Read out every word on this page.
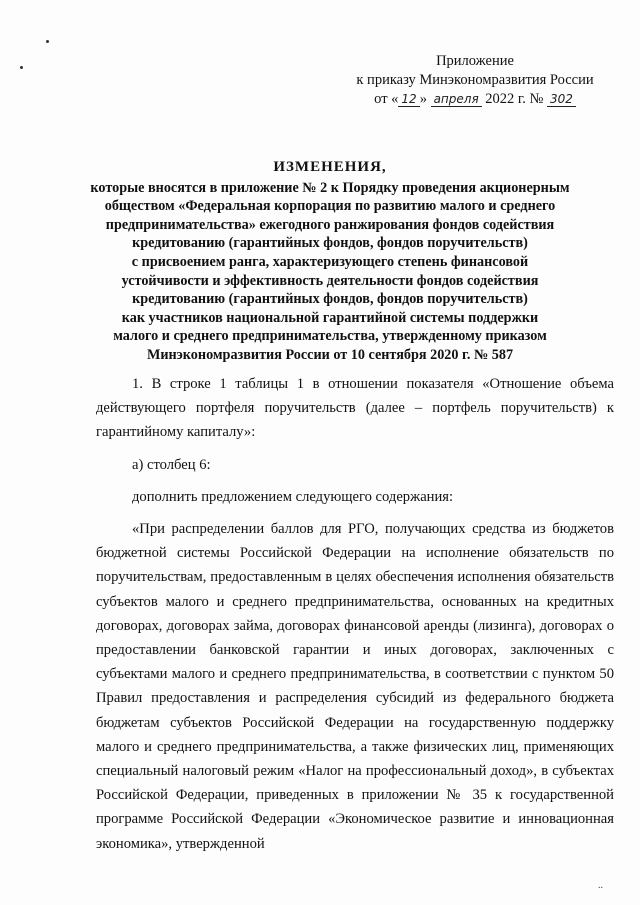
Приложение
к приказу Минэкономразвития России
от « 12 » апреля 2022 г. № 302
ИЗМЕНЕНИЯ,
которые вносятся в приложение № 2 к Порядку проведения акционерным
обществом «Федеральная корпорация по развитию малого и среднего
предпринимательства» ежегодного ранжирования фондов содействия
кредитованию (гарантийных фондов, фондов поручительств)
с присвоением ранга, характеризующего степень финансовой
устойчивости и эффективность деятельности фондов содействия
кредитованию (гарантийных фондов, фондов поручительств)
как участников национальной гарантийной системы поддержки
малого и среднего предпринимательства, утвержденному приказом
Минэкономразвития России от 10 сентября 2020 г. № 587

1. В строке 1 таблицы 1 в отношении показателя «Отношение объема действующего портфеля поручительств (далее – портфель поручительств) к гарантийному капиталу»:

а) столбец 6:

дополнить предложением следующего содержания:

«При распределении баллов для РГО, получающих средства из бюджетов бюджетной системы Российской Федерации на исполнение обязательств по поручительствам, предоставленным в целях обеспечения исполнения обязательств субъектов малого и среднего предпринимательства, основанных на кредитных договорах, договорах займа, договорах финансовой аренды (лизинга), договорах о предоставлении банковской гарантии и иных договорах, заключенных с субъектами малого и среднего предпринимательства, в соответствии с пунктом 50 Правил предоставления и распределения субсидий из федерального бюджета бюджетам субъектов Российской Федерации на государственную поддержку малого и среднего предпринимательства, а также физических лиц, применяющих специальный налоговый режим «Налог на профессиональный доход», в субъектах Российской Федерации, приведенных в приложении № 35 к государственной программе Российской Федерации «Экономическое развитие и инновационная экономика», утвержденной

..
